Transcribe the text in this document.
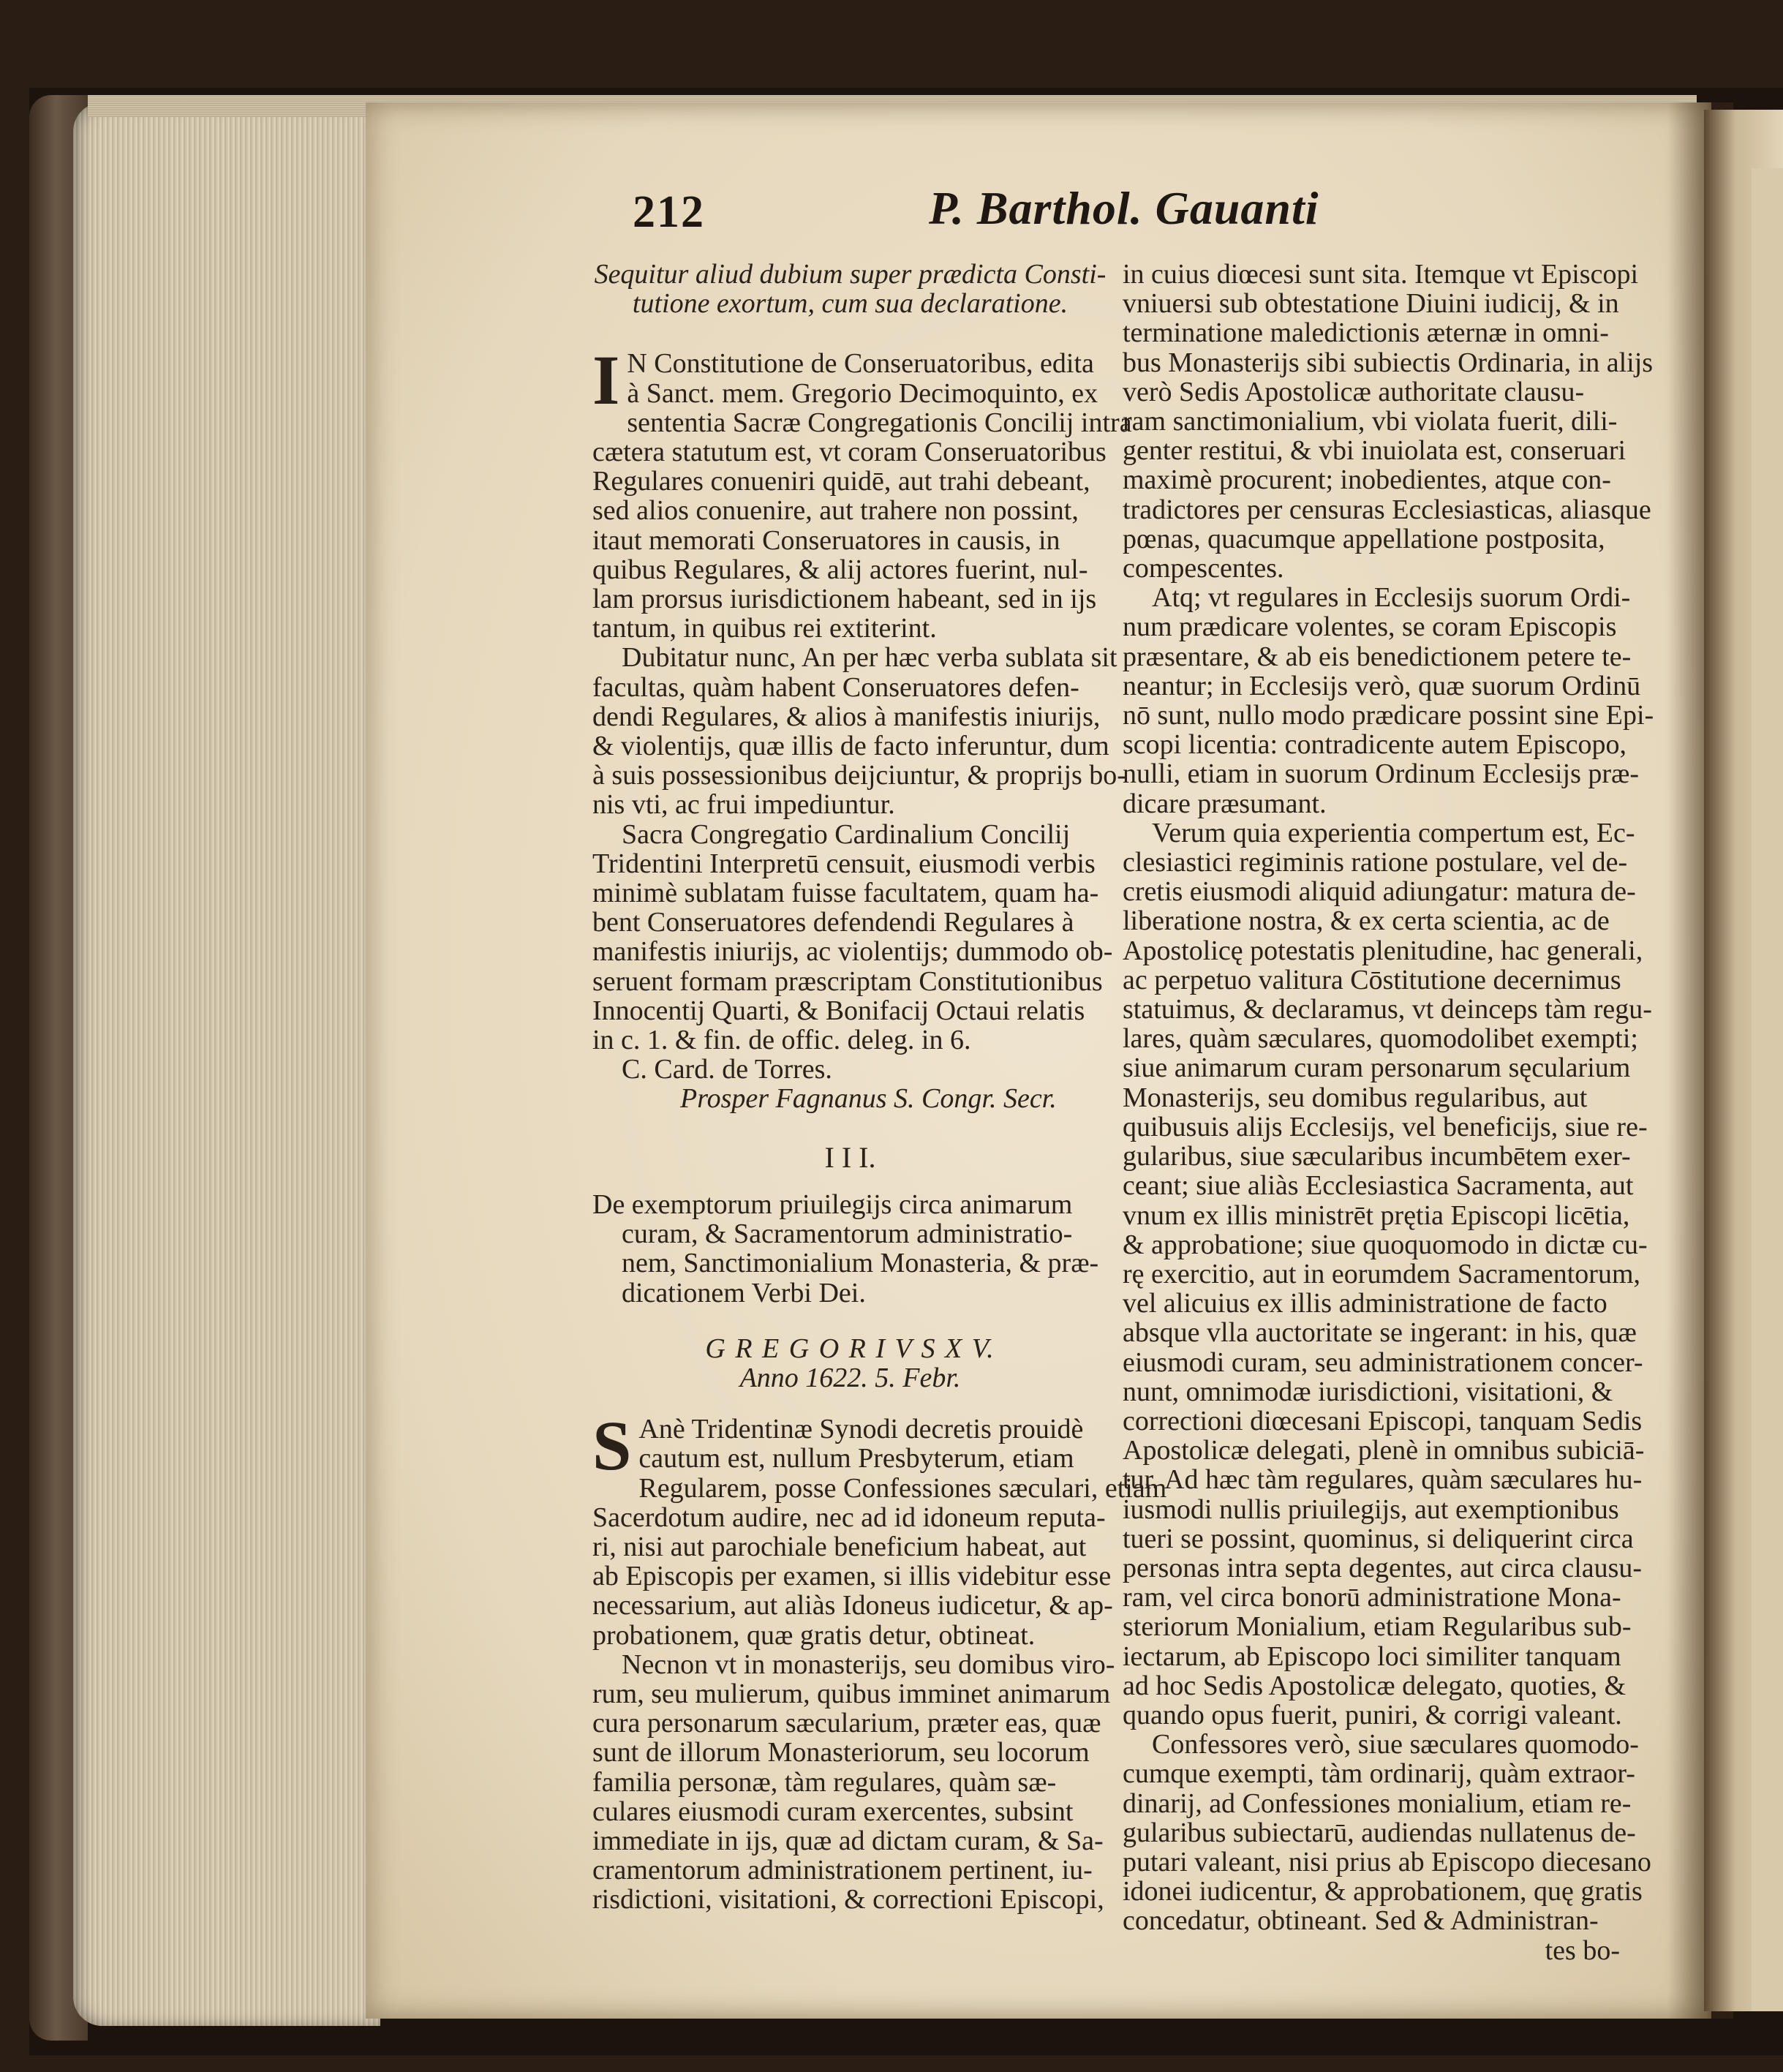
212	P. Barthol. Gauanti

Sequitur aliud dubium super prædicta Consti-

tutione exortum, cum sua declaratione.

I N Constitutione de Conseruatoribus, edita

à Sanct. mem. Gregorio Decimoquinto, ex

sententia Sacræ Congregationis Concilij intra

cætera statutum est, vt coram Conseruatoribus

Regulares conueniri quidē, aut trahi debeant,

sed alios conuenire, aut trahere non possint,

itaut memorati Conseruatores in causis, in

quibus Regulares, & alij actores fuerint, nul-

lam prorsus iurisdictionem habeant, sed in ijs

tantum, in quibus rei extiterint.

Dubitatur nunc, An per hæc verba sublata sit

facultas, quàm habent Conseruatores defen-

dendi Regulares, & alios à manifestis iniurijs,

& violentijs, quæ illis de facto inferuntur, dum

à suis possessionibus deijciuntur, & proprijs bo-

nis vti, ac frui impediuntur.

Sacra Congregatio Cardinalium Concilij

Tridentini Interpretū censuit, eiusmodi verbis

minimè sublatam fuisse facultatem, quam ha-

bent Conseruatores defendendi Regulares à

manifestis iniurijs, ac violentijs; dummodo ob-

seruent formam præscriptam Constitutionibus

Innocentij Quarti, & Bonifacij Octaui relatis

in c. 1. & fin. de offic. deleg. in 6.

C. Card. de Torres.

Prosper Fagnanus S. Congr. Secr.

I I I.

De exemptorum priuilegijs circa animarum

curam, & Sacramentorum administratio-

nem, Sanctimonialium Monasteria, & præ-

dicationem Verbi Dei.

G R E G O R I V S X V.

Anno 1622. 5. Febr.

S Anè Tridentinæ Synodi decretis prouidè

cautum est, nullum Presbyterum, etiam

Regularem, posse Confessiones sæculari, etiam

Sacerdotum audire, nec ad id idoneum reputa-

ri, nisi aut parochiale beneficium habeat, aut

ab Episcopis per examen, si illis videbitur esse

necessarium, aut aliàs Idoneus iudicetur, & ap-

probationem, quæ gratis detur, obtineat.

Necnon vt in monasterijs, seu domibus viro-

rum, seu mulierum, quibus imminet animarum

cura personarum sæcularium, præter eas, quæ

sunt de illorum Monasteriorum, seu locorum

familia personæ, tàm regulares, quàm sæ-

culares eiusmodi curam exercentes, subsint

immediate in ijs, quæ ad dictam curam, & Sa-

cramentorum administrationem pertinent, iu-

risdictioni, visitationi, & correctioni Episcopi,

in cuius diœcesi sunt sita. Itemque vt Episcopi

vniuersi sub obtestatione Diuini iudicij, & in

terminatione maledictionis æternæ in omni-

bus Monasterijs sibi subiectis Ordinaria, in alijs

verò Sedis Apostolicæ authoritate clausu-

ram sanctimonialium, vbi violata fuerit, dili-

genter restitui, & vbi inuiolata est, conseruari

maximè procurent; inobedientes, atque con-

tradictores per censuras Ecclesiasticas, aliasque

pœnas, quacumque appellatione postposita,

compescentes.

Atq; vt regulares in Ecclesijs suorum Ordi-

num prædicare volentes, se coram Episcopis

præsentare, & ab eis benedictionem petere te-

neantur; in Ecclesijs verò, quæ suorum Ordinū

nō sunt, nullo modo prædicare possint sine Epi-

scopi licentia: contradicente autem Episcopo,

nulli, etiam in suorum Ordinum Ecclesijs præ-

dicare præsumant.

Verum quia experientia compertum est, Ec-

clesiastici regiminis ratione postulare, vel de-

cretis eiusmodi aliquid adiungatur: matura de-

liberatione nostra, & ex certa scientia, ac de

Apostolicę potestatis plenitudine, hac generali,

ac perpetuo valitura Cōstitutione decernimus

statuimus, & declaramus, vt deinceps tàm regu-

lares, quàm sæculares, quomodolibet exempti;

siue animarum curam personarum sęcularium

Monasterijs, seu domibus regularibus, aut

quibusuis alijs Ecclesijs, vel beneficijs, siue re-

gularibus, siue sæcularibus incumbētem exer-

ceant; siue aliàs Ecclesiastica Sacramenta, aut

vnum ex illis ministrēt prętia Episcopi licētia,

& approbatione; siue quoquomodo in dictæ cu-

rę exercitio, aut in eorumdem Sacramentorum,

vel alicuius ex illis administratione de facto

absque vlla auctoritate se ingerant: in his, quæ

eiusmodi curam, seu administrationem concer-

nunt, omnimodæ iurisdictioni, visitationi, &

correctioni diœcesani Episcopi, tanquam Sedis

Apostolicæ delegati, plenè in omnibus subiciā-

tur. Ad hæc tàm regulares, quàm sæculares hu-

iusmodi nullis priuilegijs, aut exemptionibus

tueri se possint, quominus, si deliquerint circa

personas intra septa degentes, aut circa clausu-

ram, vel circa bonorū administratione Mona-

steriorum Monialium, etiam Regularibus sub-

iectarum, ab Episcopo loci similiter tanquam

ad hoc Sedis Apostolicæ delegato, quoties, &

quando opus fuerit, puniri, & corrigi valeant.

Confessores verò, siue sæculares quomodo-

cumque exempti, tàm ordinarij, quàm extraor-

dinarij, ad Confessiones monialium, etiam re-

gularibus subiectarū, audiendas nullatenus de-

putari valeant, nisi prius ab Episcopo diecesano

idonei iudicentur, & approbationem, quę gratis

concedatur, obtineant. Sed & Administran-

tes bo-
